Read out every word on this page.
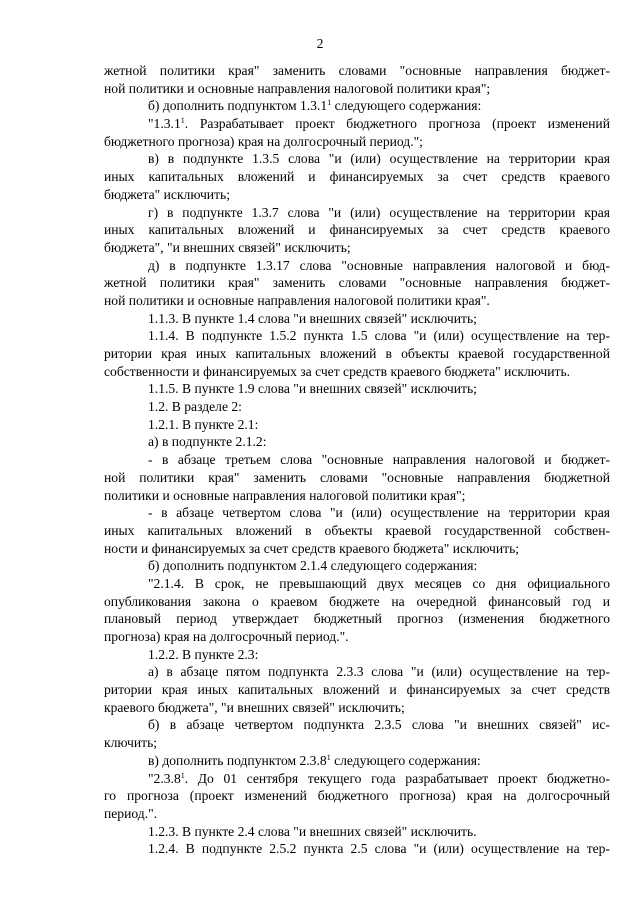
2
жетной политики края" заменить словами "основные направления бюджет-
ной политики и основные направления налоговой политики края";
б) дополнить подпунктом 1.3.1$^1$ следующего содержания:
"1.3.1$^1$. Разрабатывает проект бюджетного прогноза (проект изменений
бюджетного прогноза) края на долгосрочный период.";
в) в подпункте 1.3.5 слова "и (или) осуществление на территории края
иных капитальных вложений и финансируемых за счет средств краевого
бюджета" исключить;
г) в подпункте 1.3.7 слова "и (или) осуществление на территории края
иных капитальных вложений и финансируемых за счет средств краевого
бюджета", "и внешних связей" исключить;
д) в подпункте 1.3.17 слова "основные направления налоговой и бюд-
жетной политики края" заменить словами "основные направления бюджет-
ной политики и основные направления налоговой политики края".
1.1.3. В пункте 1.4 слова "и внешних связей" исключить;
1.1.4. В подпункте 1.5.2 пункта 1.5 слова "и (или) осуществление на тер-
ритории края иных капитальных вложений в объекты краевой государственной
собственности и финансируемых за счет средств краевого бюджета" исключить.
1.1.5. В пункте 1.9 слова "и внешних связей" исключить;
1.2. В разделе 2:
1.2.1. В пункте 2.1:
а) в подпункте 2.1.2:
- в абзаце третьем слова "основные направления налоговой и бюджет-
ной политики края" заменить словами "основные направления бюджетной
политики и основные направления налоговой политики края";
- в абзаце четвертом слова "и (или) осуществление на территории края
иных капитальных вложений в объекты краевой государственной собствен-
ности и финансируемых за счет средств краевого бюджета" исключить;
б) дополнить подпунктом 2.1.4 следующего содержания:
"2.1.4. В срок, не превышающий двух месяцев со дня официального
опубликования закона о краевом бюджете на очередной финансовый год и
плановый период утверждает бюджетный прогноз (изменения бюджетного
прогноза) края на долгосрочный период.".
1.2.2. В пункте 2.3:
а) в абзаце пятом подпункта 2.3.3 слова "и (или) осуществление на тер-
ритории края иных капитальных вложений и финансируемых за счет средств
краевого бюджета", "и внешних связей" исключить;
б) в абзаце четвертом подпункта 2.3.5 слова "и внешних связей" ис-
ключить;
в) дополнить подпунктом 2.3.8$^1$ следующего содержания:
"2.3.8$^1$. До 01 сентября текущего года разрабатывает проект бюджетно-
го прогноза (проект изменений бюджетного прогноза) края на долгосрочный
период.".
1.2.3. В пункте 2.4 слова "и внешних связей" исключить.
1.2.4. В подпункте 2.5.2 пункта 2.5 слова "и (или) осуществление на тер-
